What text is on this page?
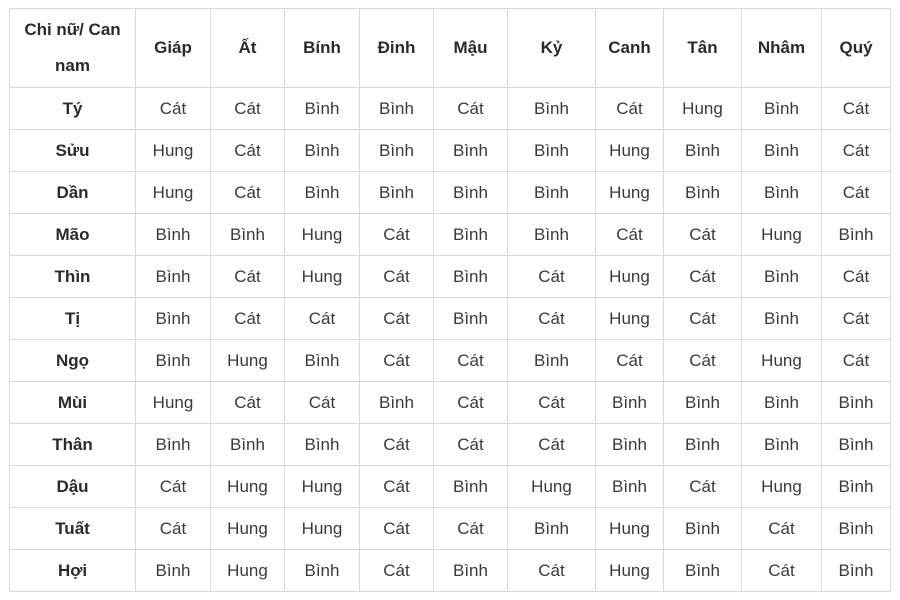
Chi nữ/ Can nam	Giáp	Ất	Bính	Đinh	Mậu	Kỷ	Canh	Tân	Nhâm	Quý
Tý	Cát	Cát	Bình	Bình	Cát	Bình	Cát	Hung	Bình	Cát
Sửu	Hung	Cát	Bình	Bình	Bình	Bình	Hung	Bình	Bình	Cát
Dần	Hung	Cát	Bình	Bình	Bình	Bình	Hung	Bình	Bình	Cát
Mão	Bình	Bình	Hung	Cát	Bình	Bình	Cát	Cát	Hung	Bình
Thìn	Bình	Cát	Hung	Cát	Bình	Cát	Hung	Cát	Bình	Cát
Tị	Bình	Cát	Cát	Cát	Bình	Cát	Hung	Cát	Bình	Cát
Ngọ	Bình	Hung	Bình	Cát	Cát	Bình	Cát	Cát	Hung	Cát
Mùi	Hung	Cát	Cát	Bình	Cát	Cát	Bình	Bình	Bình	Bình
Thân	Bình	Bình	Bình	Cát	Cát	Cát	Bình	Bình	Bình	Bình
Dậu	Cát	Hung	Hung	Cát	Bình	Hung	Bình	Cát	Hung	Bình
Tuất	Cát	Hung	Hung	Cát	Cát	Bình	Hung	Bình	Cát	Bình
Hợi	Bình	Hung	Bình	Cát	Bình	Cát	Hung	Bình	Cát	Bình
